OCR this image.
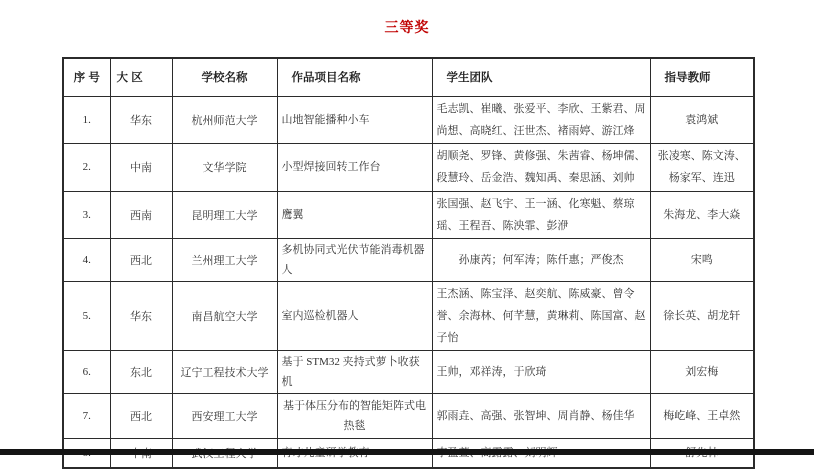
三等奖
序 号	大 区	学校名称	作品项目名称	学生团队	指导教师
1.	华东	杭州师范大学	山地智能播种小车	毛志凯、崔曦、张爱平、李欣、王紫君、周尚想、高晓红、汪世杰、褚雨婷、游江烽	袁鸿斌
2.	中南	文华学院	小型焊接回转工作台	胡顺尧、罗锋、黄修强、朱茜睿、杨坤儒、段慧玲、岳金浩、魏知禹、秦思涵、刘帅	张凌寒、陈文涛、杨家军、连迅
3.	西南	昆明理工大学	鹰翼	张国强、赵飞宇、王一涵、化寒魁、蔡琼瑶、王程吾、陈泱霏、彭洢	朱海龙、李大焱
4.	西北	兰州理工大学	多机协同式光伏节能消毒机器人	孙康芮；何军涛；陈仟惠；严俊杰	宋鸣
5.	华东	南昌航空大学	室内巡检机器人	王杰涵、陈宝泽、赵奕航、陈威豪、曾令誉、余海林、何芊慧，黄琳莉、陈国富、赵子怡	徐长英、胡龙轩
6.	东北	辽宁工程技术大学	基于 STM32 夹持式萝卜收获机	王帅，邓祥涛，于欣琦	刘宏梅
7.	西北	西安理工大学	基于体压分布的智能矩阵式电热毯	郭雨垚、高强、张智坤、周肖静、杨佳华	梅屹峰、王卓然
